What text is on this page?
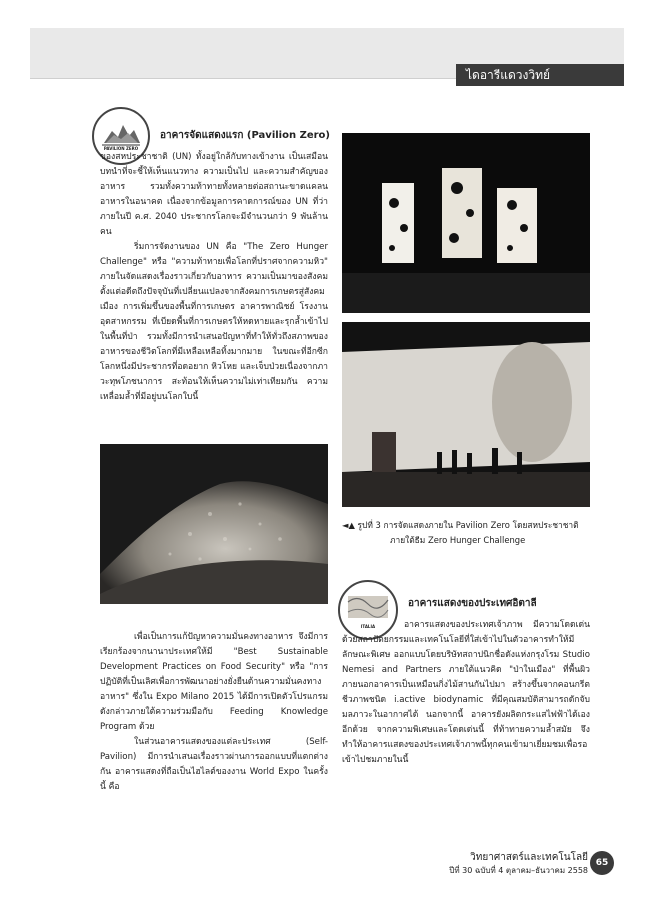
ไดอารีแดวงวิทย์
PAVILION ZERO
อาคารจัดแสดงแรก (Pavilion Zero)

ของสหประชาชาติ (UN) ทั้งอยู่ใกล้กับทางเข้างาน เป็นเสมือนบทนำที่จะชี้ให้เห็นแนวทาง ความเป็นไป และความสำคัญของอาหาร รวมทั้งความท้าทายทั้งหลายต่อสถานะขาดแคลนอาหารในอนาคต เนื่องจากข้อมูลการคาดการณ์ของ UN ที่ว่าภายในปี ค.ศ. 2040 ประชากรโลกจะมีจำนวนกว่า 9 พันล้านคน

ริ่มการจัดงานของ UN คือ "The Zero Hunger Challenge" หรือ "ความท้าทายเพื่อโลกที่ปราศจากความหิว" ภายในจัดแสดงเรื่องราวเกี่ยวกับอาหาร ความเป็นมาของสังคมตั้งแต่อดีตถึงปัจจุบันที่เปลี่ยนแปลงจากสังคมการเกษตรสู่สังคมเมือง การเพิ่มขึ้นของพื้นที่การเกษตร อาคารพาณิชย์ โรงงานอุตสาหกรรม ที่เบียดพื้นที่การเกษตรให้หดหายและรุกล้ำเข้าไปในพื้นที่ป่า รวมทั้งมีการนำเสนอปัญหาที่ทำให้ทั่วถึงสภาพของอาหารของชีวิตโลกที่มีเหลือเหลือทิ้งมากมาย ในขณะที่อีกซีกโลกหนึ่งมีประชากรที่อดอยาก หิวโหย และเจ็บป่วยเนื่องจากภาวะทุพโภชนาการ สะท้อนให้เห็นความไม่เท่าเทียมกัน ความเหลื่อมล้ำที่มีอยู่บนโลกใบนี้

เพื่อเป็นการแก้ปัญหาความมั่นคงทางอาหาร จึงมีการเรียกร้องจากนานาประเทศให้มี "Best Sustainable Development Practices on Food Security" หรือ "การปฏิบัติที่เป็นเลิศเพื่อการพัฒนาอย่างยั่งยืนด้านความมั่นคงทางอาหาร" ซึ่งใน Expo Milano 2015 ได้มีการเปิดตัวโปรแกรมดังกล่าวภายใต้ความร่วมมือกับ Feeding Knowledge Program ด้วย

ในส่วนอาคารแสดงของแต่ละประเทศ (Self-Pavilion) มีการนำเสนอเรื่องราวผ่านการออกแบบที่แตกต่างกัน อาคารแสดงที่ถือเป็นไฮไลต์ของงาน World Expo ในครั้งนี้ คือ

◄▲ รูปที่ 3 การจัดแสดงภายใน Pavilion Zero โดยสหประชาชาติ
ภายใต้ธีม Zero Hunger Challenge
ITALIA
อาคารแสดงของประเทศอิตาลี

อาคารแสดงของประเทศเจ้าภาพ มีความโดดเด่นด้วยสถาปัตยกรรมและเทคโนโลยีที่ใส่เข้าไปในตัวอาคารทำให้มีลักษณะพิเศษ ออกแบบโดยบริษัทสถาปนิกชื่อดังแห่งกรุงโรม Studio Nemesi and Partners ภายใต้แนวคิด "ป่าในเมือง" ที่พื้นผิวภายนอกอาคารเป็นเหมือนกิ่งไม้สานกันไปมา สร้างขึ้นจากคอนกรีตชีวภาพชนิด i.active biodynamic ที่มีคุณสมบัติสามารถดักจับมลภาวะในอากาศได้ นอกจากนี้ อาคารยังผลิตกระแสไฟฟ้าได้เองอีกด้วย จากความพิเศษและโดดเด่นนี้ ที่ท้าทายความล้ำสมัย จึงทำให้อาคารแสดงของประเทศเจ้าภาพนี้ทุกคนเข้ามาเยี่ยมชมเพื่อรอเข้าไปชมภายในนี้

วิทยาศาสตร์และเทคโนโลยี
ปีที่ 30 ฉบับที่ 4 ตุลาคม–ธันวาคม 2558
65
